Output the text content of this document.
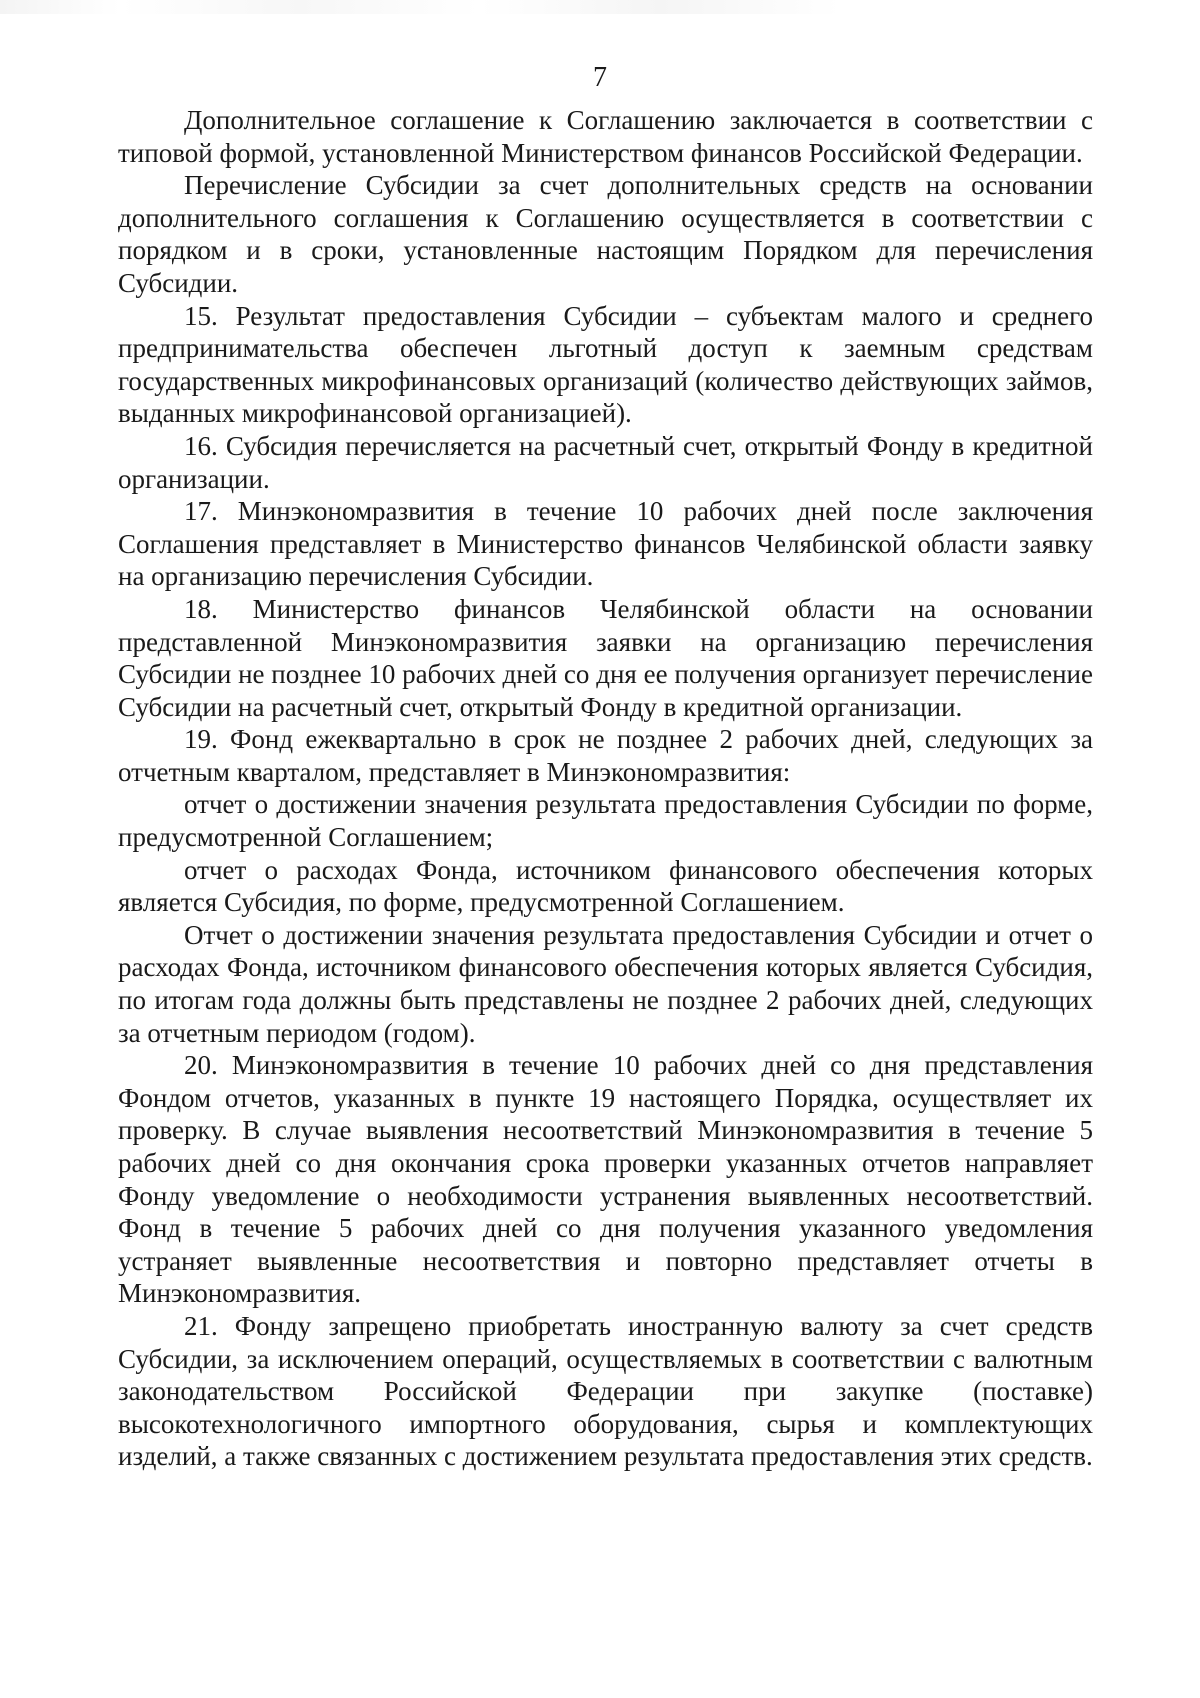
7

Дополнительное соглашение к Соглашению заключается в соответствии с типовой формой, установленной Министерством финансов Российской Федерации.

Перечисление Субсидии за счет дополнительных средств на основании дополнительного соглашения к Соглашению осуществляется в соответствии с порядком и в сроки, установленные настоящим Порядком для перечисления Субсидии.

15. Результат предоставления Субсидии – субъектам малого и среднего предпринимательства обеспечен льготный доступ к заемным средствам государственных микрофинансовых организаций (количество действующих займов, выданных микрофинансовой организацией).

16. Субсидия перечисляется на расчетный счет, открытый Фонду в кредитной организации.

17. Минэкономразвития в течение 10 рабочих дней после заключения Соглашения представляет в Министерство финансов Челябинской области заявку на организацию перечисления Субсидии.

18. Министерство финансов Челябинской области на основании представленной Минэкономразвития заявки на организацию перечисления Субсидии не позднее 10 рабочих дней со дня ее получения организует перечисление Субсидии на расчетный счет, открытый Фонду в кредитной организации.

19. Фонд ежеквартально в срок не позднее 2 рабочих дней, следующих за отчетным кварталом, представляет в Минэкономразвития:

отчет о достижении значения результата предоставления Субсидии по форме, предусмотренной Соглашением;

отчет о расходах Фонда, источником финансового обеспечения которых является Субсидия, по форме, предусмотренной Соглашением.

Отчет о достижении значения результата предоставления Субсидии и отчет о расходах Фонда, источником финансового обеспечения которых является Субсидия, по итогам года должны быть представлены не позднее 2 рабочих дней, следующих за отчетным периодом (годом).

20. Минэкономразвития в течение 10 рабочих дней со дня представления Фондом отчетов, указанных в пункте 19 настоящего Порядка, осуществляет их проверку. В случае выявления несоответствий Минэкономразвития в течение 5 рабочих дней со дня окончания срока проверки указанных отчетов направляет Фонду уведомление о необходимости устранения выявленных несоответствий. Фонд в течение 5 рабочих дней со дня получения указанного уведомления устраняет выявленные несоответствия и повторно представляет отчеты в Минэкономразвития.

21. Фонду запрещено приобретать иностранную валюту за счет средств Субсидии, за исключением операций, осуществляемых в соответствии с валютным законодательством Российской Федерации при закупке (поставке) высокотехнологичного импортного оборудования, сырья и комплектующих изделий, а также связанных с достижением результата предоставления этих средств.
